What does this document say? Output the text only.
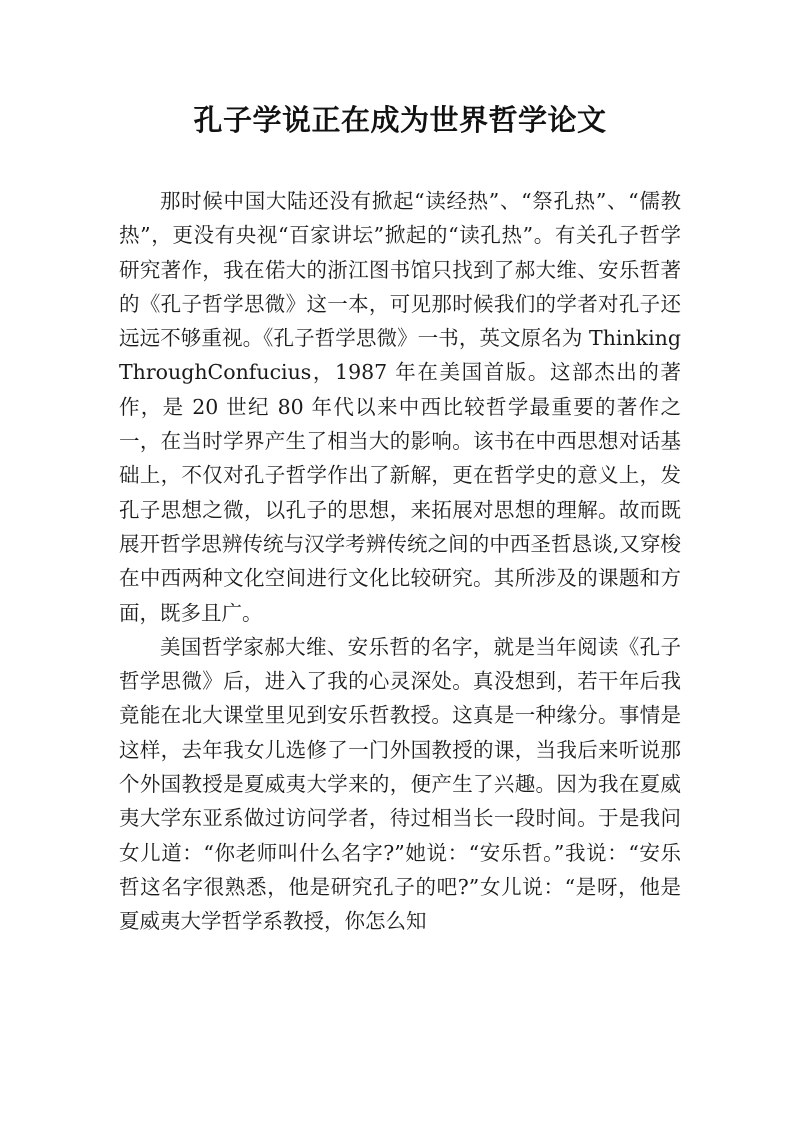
孔子学说正在成为世界哲学论文

那时候中国大陆还没有掀起“读经热”、“祭孔热”、“儒教热”，更没有央视“百家讲坛”掀起的“读孔热”。有关孔子哲学研究著作，我在偌大的浙江图书馆只找到了郝大维、安乐哲著的《孔子哲学思微》这一本，可见那时候我们的学者对孔子还远远不够重视。《孔子哲学思微》一书，英文原名为 Thinking ThroughConfucius，1987 年在美国首版。这部杰出的著作，是 20 世纪 80 年代以来中西比较哲学最重要的著作之一，在当时学界产生了相当大的影响。该书在中西思想对话基础上，不仅对孔子哲学作出了新解，更在哲学史的意义上，发孔子思想之微，以孔子的思想，来拓展对思想的理解。故而既展开哲学思辨传统与汉学考辨传统之间的中西圣哲恳谈,又穿梭在中西两种文化空间进行文化比较研究。其所涉及的课题和方面，既多且广。

美国哲学家郝大维、安乐哲的名字，就是当年阅读《孔子哲学思微》后，进入了我的心灵深处。真没想到，若干年后我竟能在北大课堂里见到安乐哲教授。这真是一种缘分。事情是这样，去年我女儿选修了一门外国教授的课，当我后来听说那个外国教授是夏威夷大学来的，便产生了兴趣。因为我在夏威夷大学东亚系做过访问学者，待过相当长一段时间。于是我问女儿道：“你老师叫什么名字?”她说：“安乐哲。”我说：“安乐哲这名字很熟悉，他是研究孔子的吧?”女儿说：“是呀，他是夏威夷大学哲学系教授，你怎么知
